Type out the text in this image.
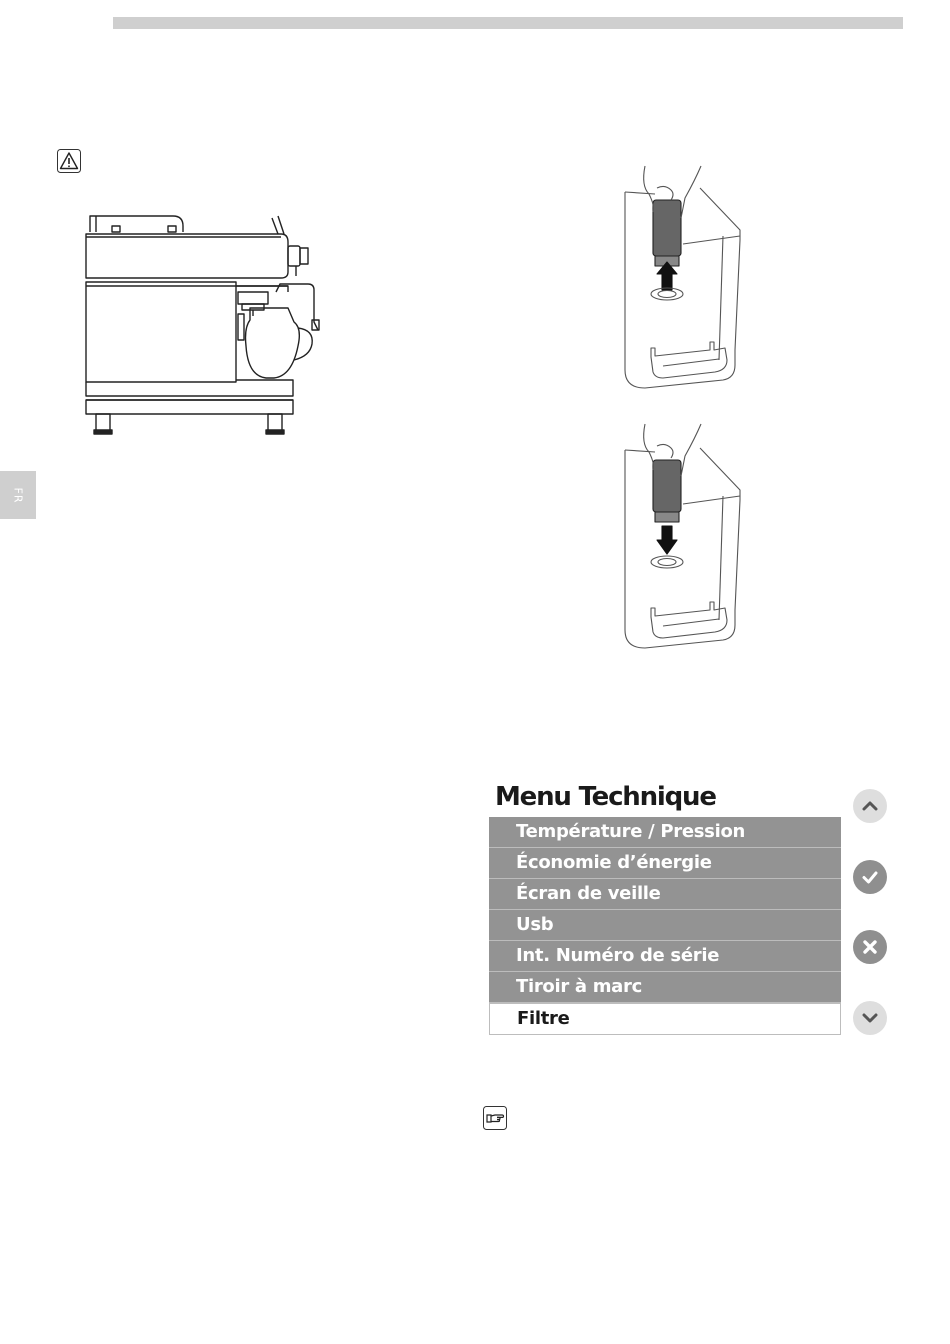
FR
Menu Technique
Température / Pression
Économie d’énergie
Écran de veille
Usb
Int. Numéro de série
Tiroir à marc
Filtre
